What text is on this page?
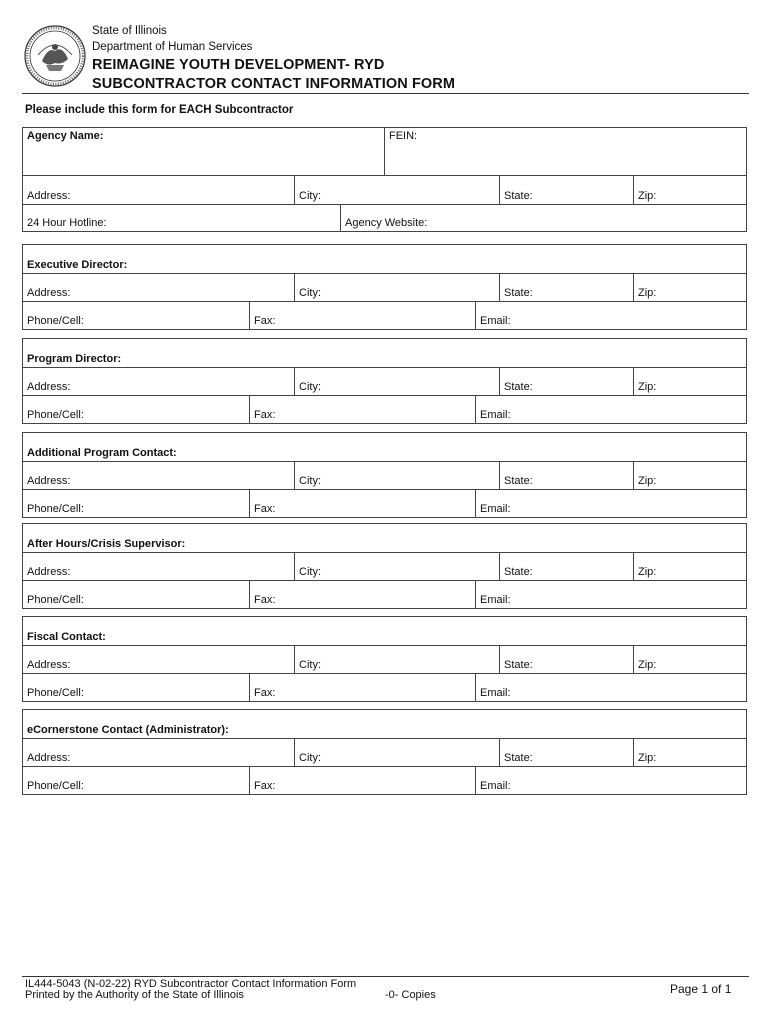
State of Illinois
Department of Human Services
REIMAGINE YOUTH DEVELOPMENT- RYD
SUBCONTRACTOR CONTACT INFORMATION FORM
Please include this form for EACH Subcontractor
Agency Name:	FEIN:
Address:	City:	State:	Zip:
24 Hour Hotline:	Agency Website:
Executive Director:
Address:	City:	State:	Zip:
Phone/Cell:	Fax:	Email:
Program Director:
Address:	City:	State:	Zip:
Phone/Cell:	Fax:	Email:
Additional Program Contact:
Address:	City:	State:	Zip:
Phone/Cell:	Fax:	Email:
After Hours/Crisis Supervisor:
Address:	City:	State:	Zip:
Phone/Cell:	Fax:	Email:
Fiscal Contact:
Address:	City:	State:	Zip:
Phone/Cell:	Fax:	Email:
eCornerstone Contact (Administrator):
Address:	City:	State:	Zip:
Phone/Cell:	Fax:	Email:
IL444-5043 (N-02-22) RYD Subcontractor Contact Information Form
Printed by the Authority of the State of Illinois	-0- Copies	Page 1 of 1
